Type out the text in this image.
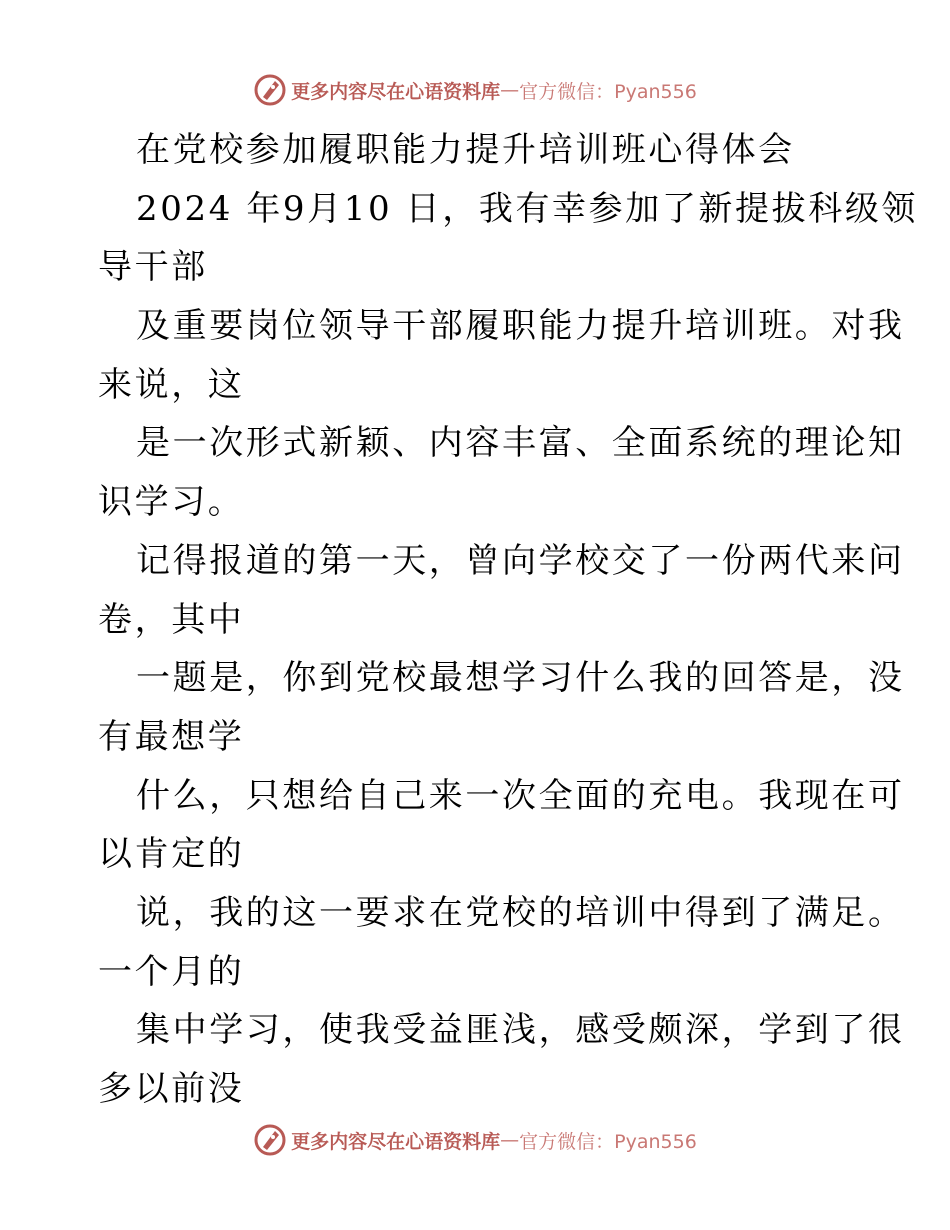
更多内容尽在心语资料库 — 官方微信：Pyan556
在党校参加履职能力提升培训班心得体会
2024 年9月10 日，我有幸参加了新提拔科级领
导干部
及重要岗位领导干部履职能力提升培训班。对我
来说，这
是一次形式新颖、内容丰富、全面系统的理论知
识学习。
记得报道的第一天，曾向学校交了一份两代来问
卷，其中
一题是，你到党校最想学习什么我的回答是，没
有最想学
什么，只想给自己来一次全面的充电。我现在可
以肯定的
说，我的这一要求在党校的培训中得到了满足。
一个月的
集中学习，使我受益匪浅，感受颇深，学到了很
多以前没
更多内容尽在心语资料库 — 官方微信：Pyan556
